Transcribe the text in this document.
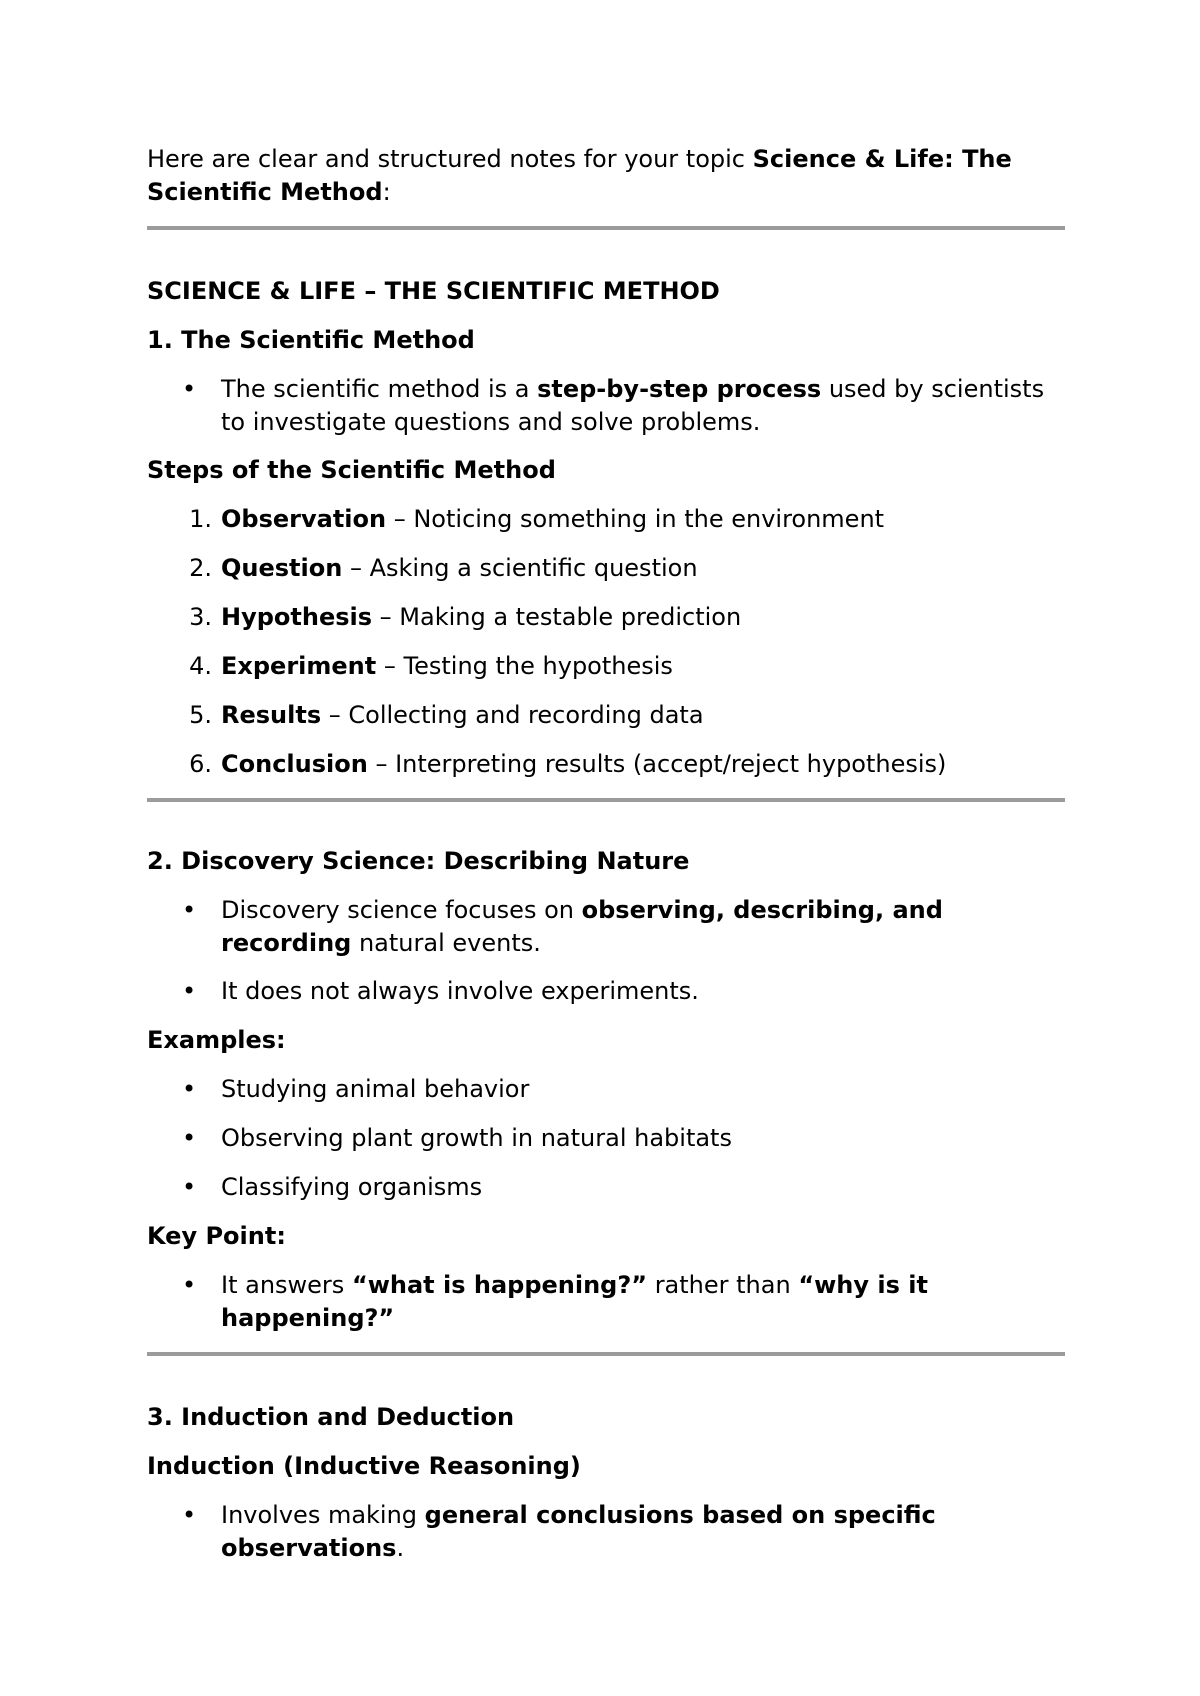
Here are clear and structured notes for your topic Science & Life: The Scientific Method:
SCIENCE & LIFE – THE SCIENTIFIC METHOD
1. The Scientific Method
• The scientific method is a step-by-step process used by scientists to investigate questions and solve problems.
Steps of the Scientific Method
1. Observation – Noticing something in the environment
2. Question – Asking a scientific question
3. Hypothesis – Making a testable prediction
4. Experiment – Testing the hypothesis
5. Results – Collecting and recording data
6. Conclusion – Interpreting results (accept/reject hypothesis)
2. Discovery Science: Describing Nature
• Discovery science focuses on observing, describing, and recording natural events.
• It does not always involve experiments.
Examples:
• Studying animal behavior
• Observing plant growth in natural habitats
• Classifying organisms
Key Point:
• It answers “what is happening?” rather than “why is it happening?”
3. Induction and Deduction
Induction (Inductive Reasoning)
• Involves making general conclusions based on specific observations.
